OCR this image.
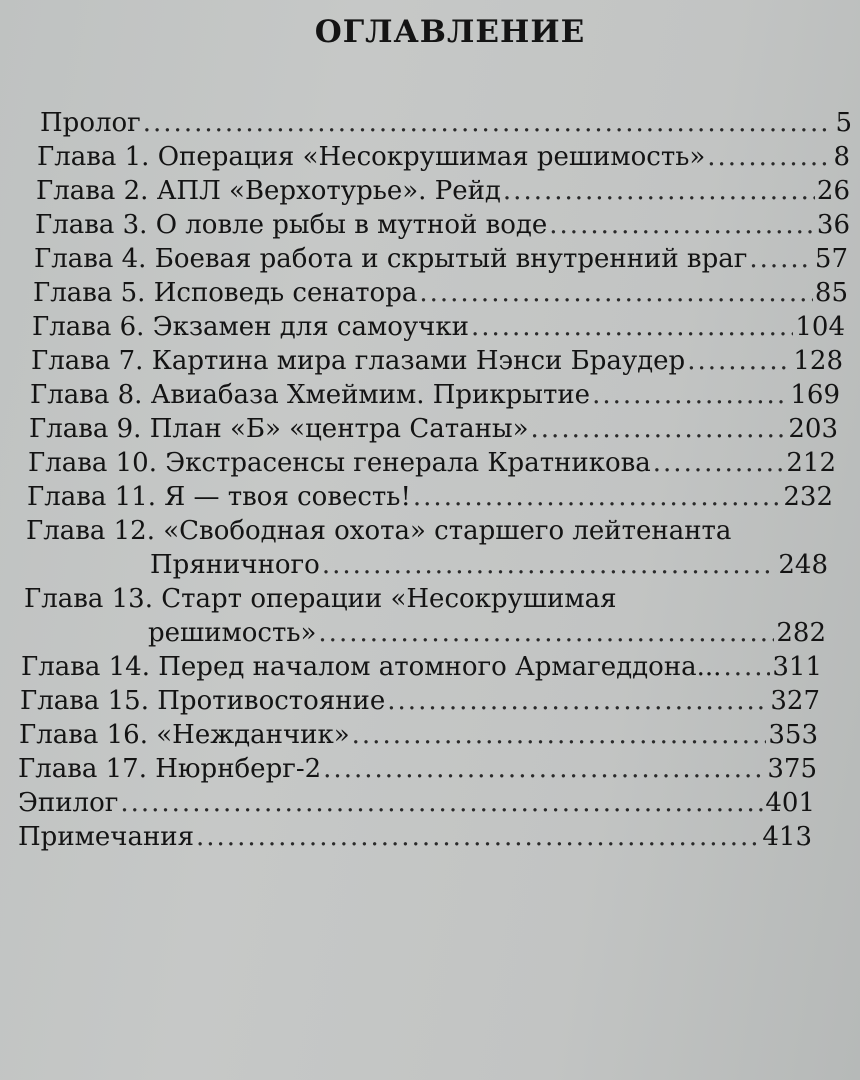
ОГЛАВЛЕНИЕ
Пролог .....	5
Глава 1. Операция «Несокрушимая решимость» .....	8
Глава 2. АПЛ «Верхотурье». Рейд .....	26
Глава 3. О ловле рыбы в мутной воде .....	36
Глава 4. Боевая работа и скрытый внутренний враг .....	57
Глава 5. Исповедь сенатора .....	85
Глава 6. Экзамен для самоучки .....	104
Глава 7. Картина мира глазами Нэнси Браудер .....	128
Глава 8. Авиабаза Хмеймим. Прикрытие .....	169
Глава 9. План «Б» «центра Сатаны» .....	203
Глава 10. Экстрасенсы генерала Кратникова .....	212
Глава 11. Я — твоя совесть! .....	232
Глава 12. «Свободная охота» старшего лейтенанта
Пряничного .....	248
Глава 13. Старт операции «Несокрушимая
решимость» .....	282
Глава 14. Перед началом атомного Армагеддона... ..... 311
Глава 15. Противостояние .....	327
Глава 16. «Нежданчик» .....	353
Глава 17. Нюрнберг-2 .....	375
Эпилог .....	401
Примечания .....	413
